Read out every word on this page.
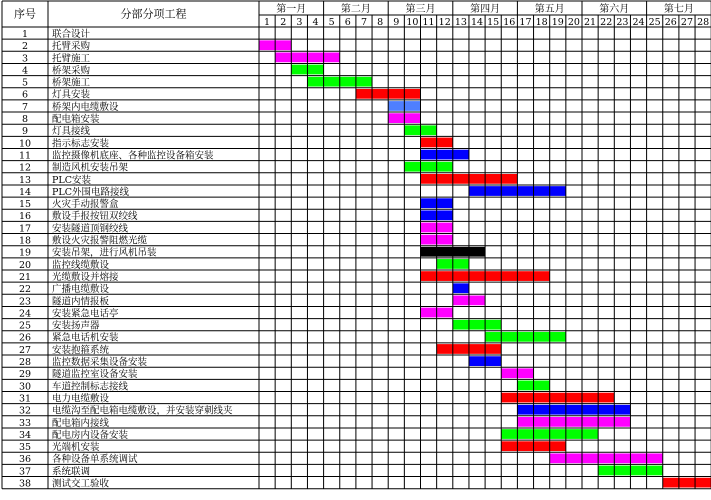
序号	分部分项工程	第一月	第二月	第三月	第四月	第五月	第六月	第七月
1 2 3 4 5 6 7 8 9 10 11 12 13 14 15 16 17 18 19 20 21 22 23 24 25 26 27 28
1	联合设计
2	托臂采购
3	托臂施工
4	桥架采购
5	桥架施工
6	灯具安装
7	桥架内电缆敷设
8	配电箱安装
9	灯具接线
10 指示标志安装
11 监控摄像机底座、各种监控设备箱安装
12 制造风机安装吊架
13 PLC安装
14 PLC外围电路接线
15 火灾手动报警盒
16 敷设手报按钮双绞线
17 安装隧道顶钢绞线
18 敷设火灾报警阻燃光缆
19 安装吊架，进行风机吊装
20 监控线缆敷设
21 光缆敷设并熔接
22 广播电缆敷设
23 隧道内情报板
24 安装紧急电话亭
25 安装扬声器
26 紧急电话机安装
27 安装抱箍系统
28 监控数据采集设备安装
29 隧道监控室设备安装
30 车道控制标志接线
31 电力电缆敷设
32 电缆沟至配电箱电缆敷设，并安装穿刺线夹
33 配电箱内接线
34 配电房内设备安装
35 光端机安装
36 各种设备单系统调试
37 系统联调
38 测试交工验收
